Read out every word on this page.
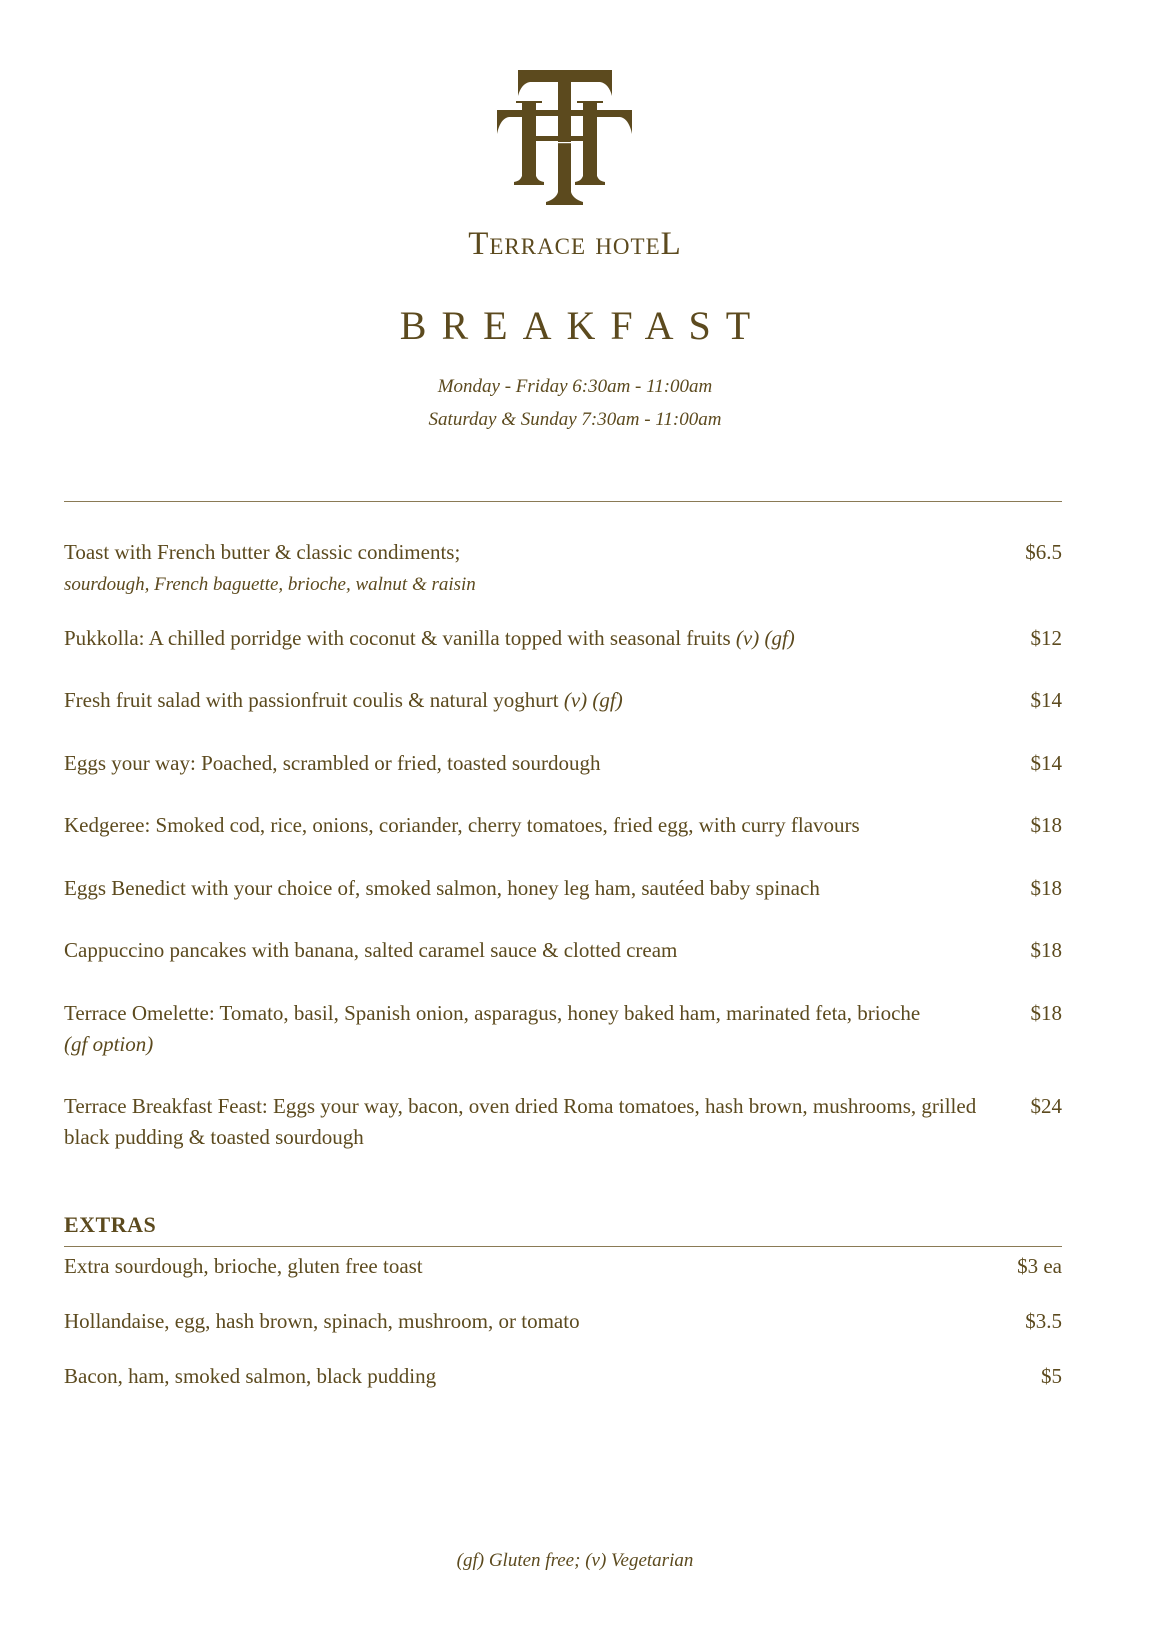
Terrace hoteL
BREAKFAST
Monday - Friday 6:30am - 11:00am
Saturday & Sunday 7:30am - 11:00am
Toast with French butter & classic condiments;
sourdough, French baguette, brioche, walnut & raisin
$6.5
Pukkolla: A chilled porridge with coconut & vanilla topped with seasonal fruits (v) (gf)	$12
Fresh fruit salad with passionfruit coulis & natural yoghurt (v) (gf)	$14
Eggs your way: Poached, scrambled or fried, toasted sourdough	$14
Kedgeree: Smoked cod, rice, onions, coriander, cherry tomatoes, fried egg, with curry flavours	$18
Eggs Benedict with your choice of, smoked salmon, honey leg ham, sautéed baby spinach	$18
Cappuccino pancakes with banana, salted caramel sauce & clotted cream	$18
Terrace Omelette: Tomato, basil, Spanish onion, asparagus, honey baked ham, marinated feta, brioche
(gf option)
$18
Terrace Breakfast Feast: Eggs your way, bacon, oven dried Roma tomatoes, hash brown, mushrooms, grilled black pudding & toasted sourdough
$24
EXTRAS
Extra sourdough, brioche, gluten free toast	$3 ea
Hollandaise, egg, hash brown, spinach, mushroom, or tomato	$3.5
Bacon, ham, smoked salmon, black pudding	$5
(gf) Gluten free; (v) Vegetarian
